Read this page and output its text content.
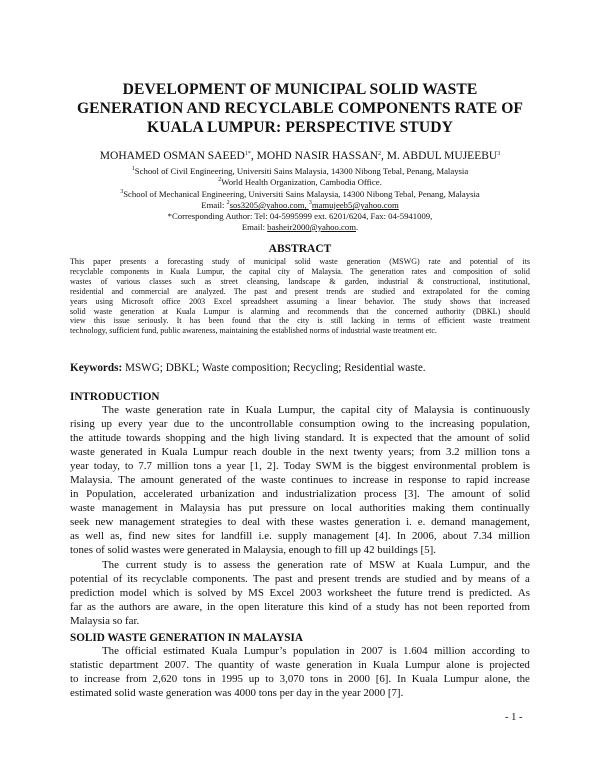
DEVELOPMENT OF MUNICIPAL SOLID WASTE
GENERATION AND RECYCLABLE COMPONENTS RATE OF
KUALA LUMPUR: PERSPECTIVE STUDY
MOHAMED OSMAN $SAEED^{1*}$, MOHD NASIR HASSAN$^2$, M. ABDUL MUJEEBU$^3$
$^1$School of Civil Engineering, Universiti Sains Malaysia, 14300 Nibong Tebal, Penang, Malaysia
$^2$World Health Organization, Cambodia Office.
$^3$School of Mechanical Engineering, Universiti Sains Malaysia, 14300 Nibong Tebal, Penang, Malaysia
Email: $^2$sos3205@yahoo.com, $^3$mamujeeb5@yahoo.com
*Corresponding Author: Tel: 04-5995999 ext. 6201/6204, Fax: 04-5941009,
Email: basheir2000@yahoo.com.
ABSTRACT
This paper presents a forecasting study of municipal solid waste generation (MSWG) rate and potential of its
recyclable components in Kuala Lumpur, the capital city of Malaysia. The generation rates and composition of solid
wastes of various classes such as street cleansing, landscape & garden, industrial & constructional, institutional,
residential and commercial are analyzed. The past and present trends are studied and extrapolated for the coming
years using Microsoft office 2003 Excel spreadsheet assuming a linear behavior. The study shows that increased
solid waste generation at Kuala Lumpur is alarming and recommends that the concerned authority (DBKL) should
view this issue seriously. It has been found that the city is still lacking in terms of efficient waste treatment
technology, sufficient fund, public awareness, maintaining the established norms of industrial waste treatment etc.
Keywords: MSWG; DBKL; Waste composition; Recycling; Residential waste.
INTRODUCTION
The waste generation rate in Kuala Lumpur, the capital city of Malaysia is continuously
rising up every year due to the uncontrollable consumption owing to the increasing population,
the attitude towards shopping and the high living standard. It is expected that the amount of solid
waste generated in Kuala Lumpur reach double in the next twenty years; from 3.2 million tons a
year today, to 7.7 million tons a year [1, 2]. Today SWM is the biggest environmental problem is
Malaysia. The amount generated of the waste continues to increase in response to rapid increase
in Population, accelerated urbanization and industrialization process [3]. The amount of solid
waste management in Malaysia has put pressure on local authorities making them continually
seek new management strategies to deal with these wastes generation i. e. demand management,
as well as, find new sites for landfill i.e. supply management [4]. In 2006, about 7.34 million
tones of solid wastes were generated in Malaysia, enough to fill up 42 buildings [5].
The current study is to assess the generation rate of MSW at Kuala Lumpur, and the
potential of its recyclable components. The past and present trends are studied and by means of a
prediction model which is solved by MS Excel 2003 worksheet the future trend is predicted. As
far as the authors are aware, in the open literature this kind of a study has not been reported from
Malaysia so far.
SOLID WASTE GENERATION IN MALAYSIA
The official estimated Kuala Lumpur’s population in 2007 is 1.604 million according to
statistic department 2007. The quantity of waste generation in Kuala Lumpur alone is projected
to increase from 2,620 tons in 1995 up to 3,070 tons in 2000 [6]. In Kuala Lumpur alone, the
estimated solid waste generation was 4000 tons per day in the year 2000 [7].
- 1 -
